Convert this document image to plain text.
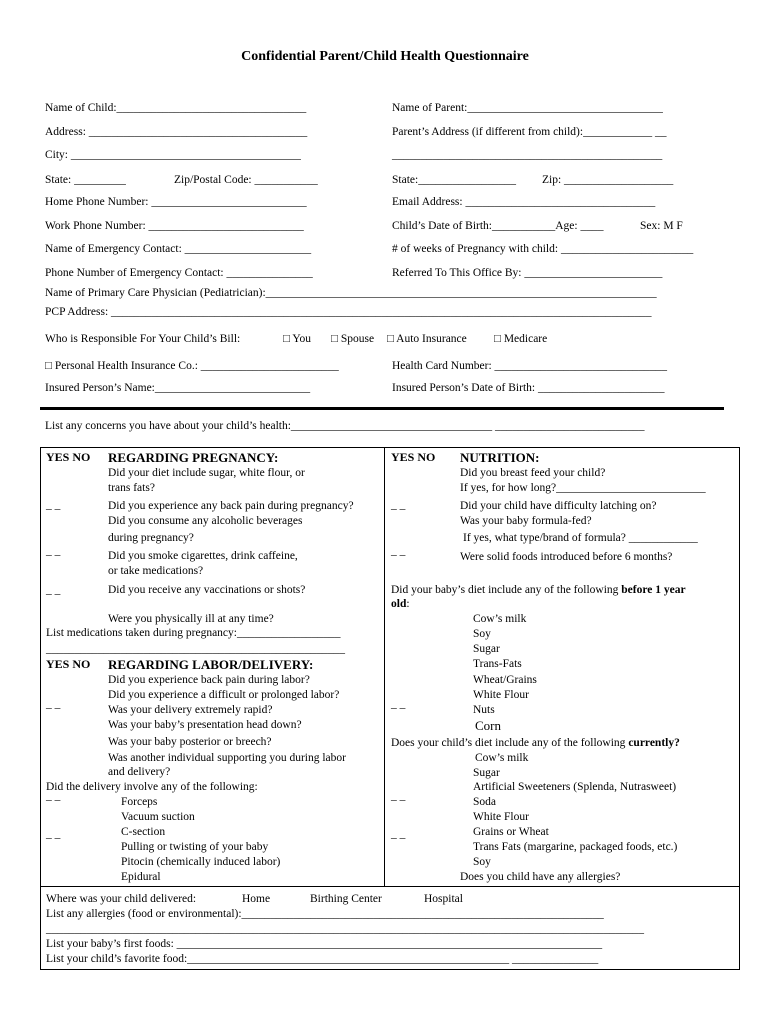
Confidential Parent/Child Health Questionnaire
Name of Child:_________________________________	Name of Parent:__________________________________
Address: ______________________________________	Parent’s Address (if different from child):____________ __
City: ________________________________________	_______________________________________________
State: _________	Zip/Postal Code: ___________	State:_________________ Zip: ___________________
Home Phone Number: ___________________________	Email Address: _________________________________
Work Phone Number: ___________________________	Child’s Date of Birth:___________Age: ____	Sex: M F
Name of Emergency Contact: ______________________	# of weeks of Pregnancy with child: _______________________
Phone Number of Emergency Contact: _______________	Referred To This Office By: ________________________
Name of Primary Care Physician (Pediatrician):____________________________________________________________________
PCP Address: ______________________________________________________________________________________________
Who is Responsible For Your Child’s Bill:	□ You □ Spouse □ Auto Insurance □ Medicare
□ Personal Health Insurance Co.: ________________________	Health Card Number: ______________________________
Insured Person’s Name:___________________________	Insured Person’s Date of Birth: ______________________
List any concerns you have about your child’s health:___________________________________ __________________________
YES NO REGARDING PREGNANCY:
Did your diet include sugar, white flour, or
trans fats?
_ _	Did you experience any back pain during pregnancy?
Did you consume any alcoholic beverages
during pregnancy?
_ _	Did you smoke cigarettes, drink caffeine,
or take medications?
_ _	Did you receive any vaccinations or shots?
Were you physically ill at any time?
List medications taken during pregnancy:__________________
____________________________________________________
YES NO REGARDING LABOR/DELIVERY:
Did you experience back pain during labor?
Did you experience a difficult or prolonged labor?
_ _	Was your delivery extremely rapid?
Was your baby’s presentation head down?
Was your baby posterior or breech?
Was another individual supporting you during labor
and delivery?
Did the delivery involve any of the following:
_ _	Forceps
Vacuum suction
_ _	C-section
Pulling or twisting of your baby
Pitocin (chemically induced labor)
Epidural
YES NO NUTRITION:
Did you breast feed your child?
If yes, for how long?__________________________
_ _	Did your child have difficulty latching on?
Was your baby formula-fed?
If yes, what type/brand of formula? ____________
_ _	Were solid foods introduced before 6 months?
Did your baby’s diet include any of the following before 1 year
old:
Cow’s milk
Soy
Sugar
Trans-Fats
Wheat/Grains
White Flour
_ _	Nuts
Corn
Does your child’s diet include any of the following currently?
Cow’s milk
Sugar
Artificial Sweeteners (Splenda, Nutrasweet)
_ _	Soda
White Flour
_ _	Grains or Wheat
Trans Fats (margarine, packaged foods, etc.)
Soy
Does you child have any allergies?
Where was your child delivered:	Home	Birthing Center	Hospital
List any allergies (food or environmental):_______________________________________________________________
________________________________________________________________________________________________________
List your baby’s first foods: __________________________________________________________________________
List your child’s favorite food:________________________________________________________ _______________
